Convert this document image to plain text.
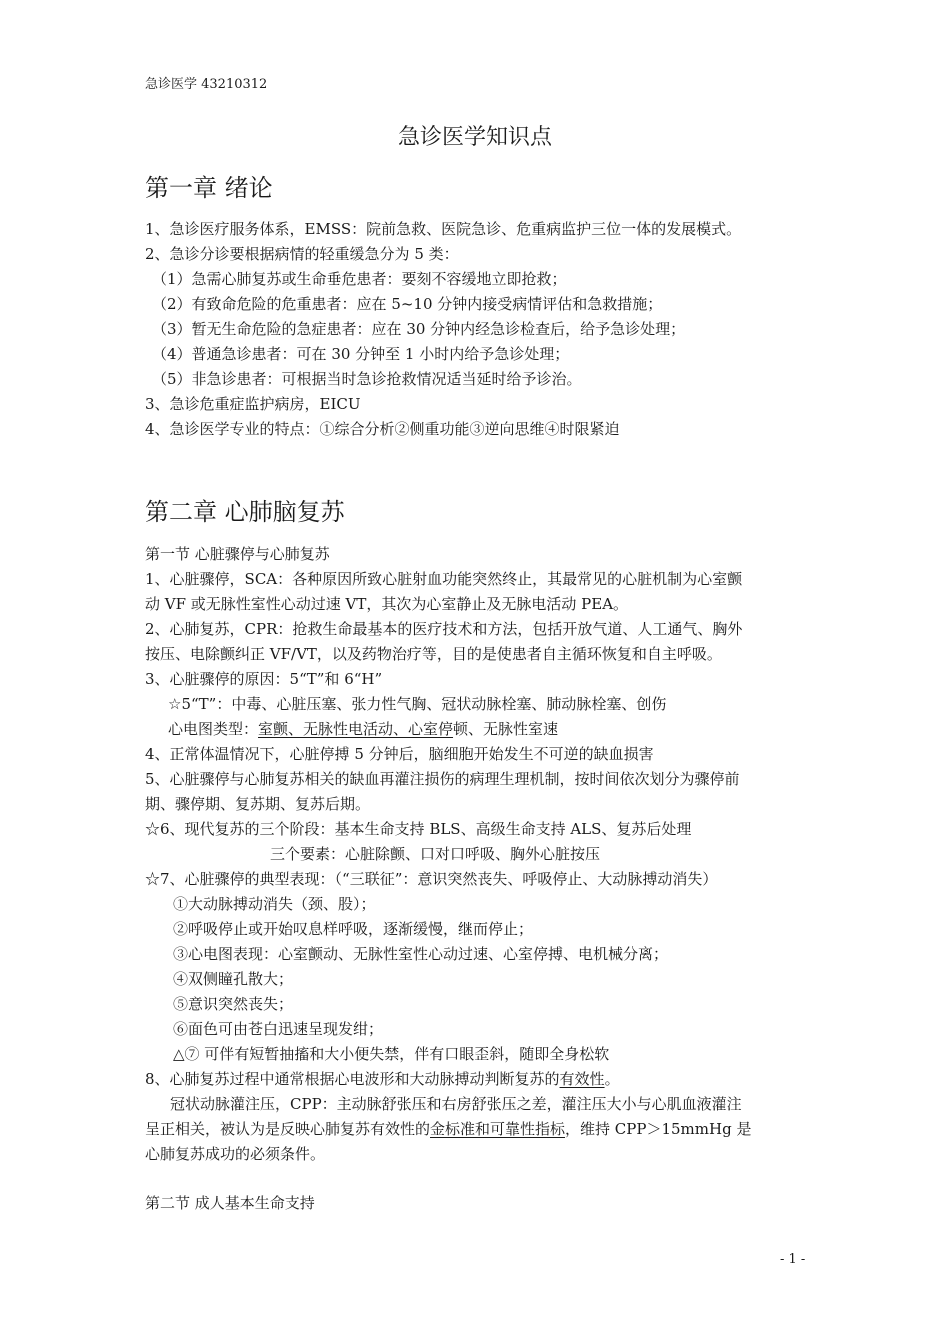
急诊医学 43210312
急诊医学知识点
第一章 绪论
1、急诊医疗服务体系，EMSS：院前急救、医院急诊、危重病监护三位一体的发展模式。
2、急诊分诊要根据病情的轻重缓急分为 5 类：
（1）急需心肺复苏或生命垂危患者：要刻不容缓地立即抢救；
（2）有致命危险的危重患者：应在 5~10 分钟内接受病情评估和急救措施；
（3）暂无生命危险的急症患者：应在 30 分钟内经急诊检查后，给予急诊处理；
（4）普通急诊患者：可在 30 分钟至 1 小时内给予急诊处理；
（5）非急诊患者：可根据当时急诊抢救情况适当延时给予诊治。
3、急诊危重症监护病房，EICU
4、急诊医学专业的特点：①综合分析②侧重功能③逆向思维④时限紧迫
第二章 心肺脑复苏
第一节 心脏骤停与心肺复苏
1、心脏骤停，SCA：各种原因所致心脏射血功能突然终止，其最常见的心脏机制为心室颤
动 VF 或无脉性室性心动过速 VT，其次为心室静止及无脉电活动 PEA。
2、心肺复苏，CPR：抢救生命最基本的医疗技术和方法，包括开放气道、人工通气、胸外
按压、电除颤纠正 VF/VT，以及药物治疗等，目的是使患者自主循环恢复和自主呼吸。
3、心脏骤停的原因：5“T”和 6“H”
☆5“T”：中毒、心脏压塞、张力性气胸、冠状动脉栓塞、肺动脉栓塞、创伤
心电图类型：室颤、无脉性电活动、心室停顿、无脉性室速
4、正常体温情况下，心脏停搏 5 分钟后，脑细胞开始发生不可逆的缺血损害
5、心脏骤停与心肺复苏相关的缺血再灌注损伤的病理生理机制，按时间依次划分为骤停前
期、骤停期、复苏期、复苏后期。
☆6、现代复苏的三个阶段：基本生命支持 BLS、高级生命支持 ALS、复苏后处理
三个要素：心脏除颤、口对口呼吸、胸外心脏按压
☆7、心脏骤停的典型表现：（“三联征”：意识突然丧失、呼吸停止、大动脉搏动消失）
①大动脉搏动消失（颈、股）；
②呼吸停止或开始叹息样呼吸，逐渐缓慢，继而停止；
③心电图表现：心室颤动、无脉性室性心动过速、心室停搏、电机械分离；
④双侧瞳孔散大；
⑤意识突然丧失；
⑥面色可由苍白迅速呈现发绀；
△⑦ 可伴有短暂抽搐和大小便失禁，伴有口眼歪斜，随即全身松软
8、心肺复苏过程中通常根据心电波形和大动脉搏动判断复苏的有效性。
冠状动脉灌注压，CPP：主动脉舒张压和右房舒张压之差，灌注压大小与心肌血液灌注
呈正相关，被认为是反映心肺复苏有效性的金标准和可靠性指标，维持 CPP＞15mmHg 是
心肺复苏成功的必须条件。
第二节 成人基本生命支持
- 1 -
